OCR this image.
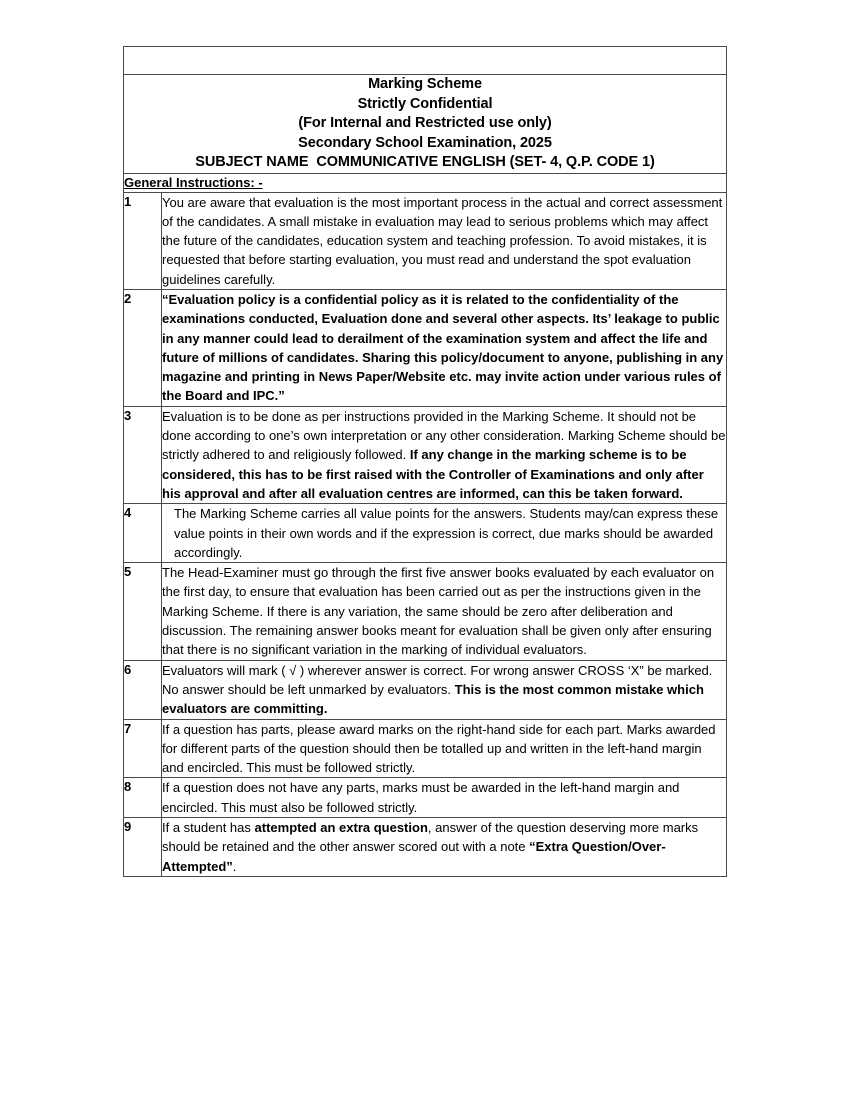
Marking Scheme
Strictly Confidential
(For Internal and Restricted use only)
Secondary School Examination, 2025
SUBJECT NAME  COMMUNICATIVE ENGLISH (SET- 4, Q.P. CODE 1)	

General Instructions: -	
1	You are aware that evaluation is the most important process in the actual and correct assessment of the candidates. A small mistake in evaluation may lead to serious problems which may affect the future of the candidates, education system and teaching profession. To avoid mistakes, it is requested that before starting evaluation, you must read and understand the spot evaluation guidelines carefully.

2	“Evaluation policy is a confidential policy as it is related to the confidentiality of the examinations conducted, Evaluation done and several other aspects. Its’ leakage to public in any manner could lead to derailment of the examination system and affect the life and future of millions of candidates. Sharing this policy/document to anyone, publishing in any magazine and printing in News Paper/Website etc. may invite action under various rules of the Board and IPC.”

3	Evaluation is to be done as per instructions provided in the Marking Scheme. It should not be done according to one’s own interpretation or any other consideration. Marking Scheme should be strictly adhered to and religiously followed. If any change in the marking scheme is to be considered, this has to be first raised with the Controller of Examinations and only after his approval and after all evaluation centres are informed, can this be taken forward.

4	The Marking Scheme carries all value points for the answers. Students may/can express these value points in their own words and if the expression is correct, due marks should be awarded accordingly.

5	The Head-Examiner must go through the first five answer books evaluated by each evaluator on the first day, to ensure that evaluation has been carried out as per the instructions given in the Marking Scheme. If there is any variation, the same should be zero after deliberation and discussion. The remaining answer books meant for evaluation shall be given only after ensuring that there is no significant variation in the marking of individual evaluators.

6	Evaluators will mark ( √ ) wherever answer is correct. For wrong answer CROSS ‘X” be marked. No answer should be left unmarked by evaluators. This is the most common mistake which evaluators are committing.

7	If a question has parts, please award marks on the right-hand side for each part. Marks awarded for different parts of the question should then be totalled up and written in the left-hand margin and encircled. This must be followed strictly.

8	If a question does not have any parts, marks must be awarded in the left-hand margin and encircled. This must also be followed strictly.

9	If a student has attempted an extra question, answer of the question deserving more marks should be retained and the other answer scored out with a note “Extra Question/Over- Attempted”.
